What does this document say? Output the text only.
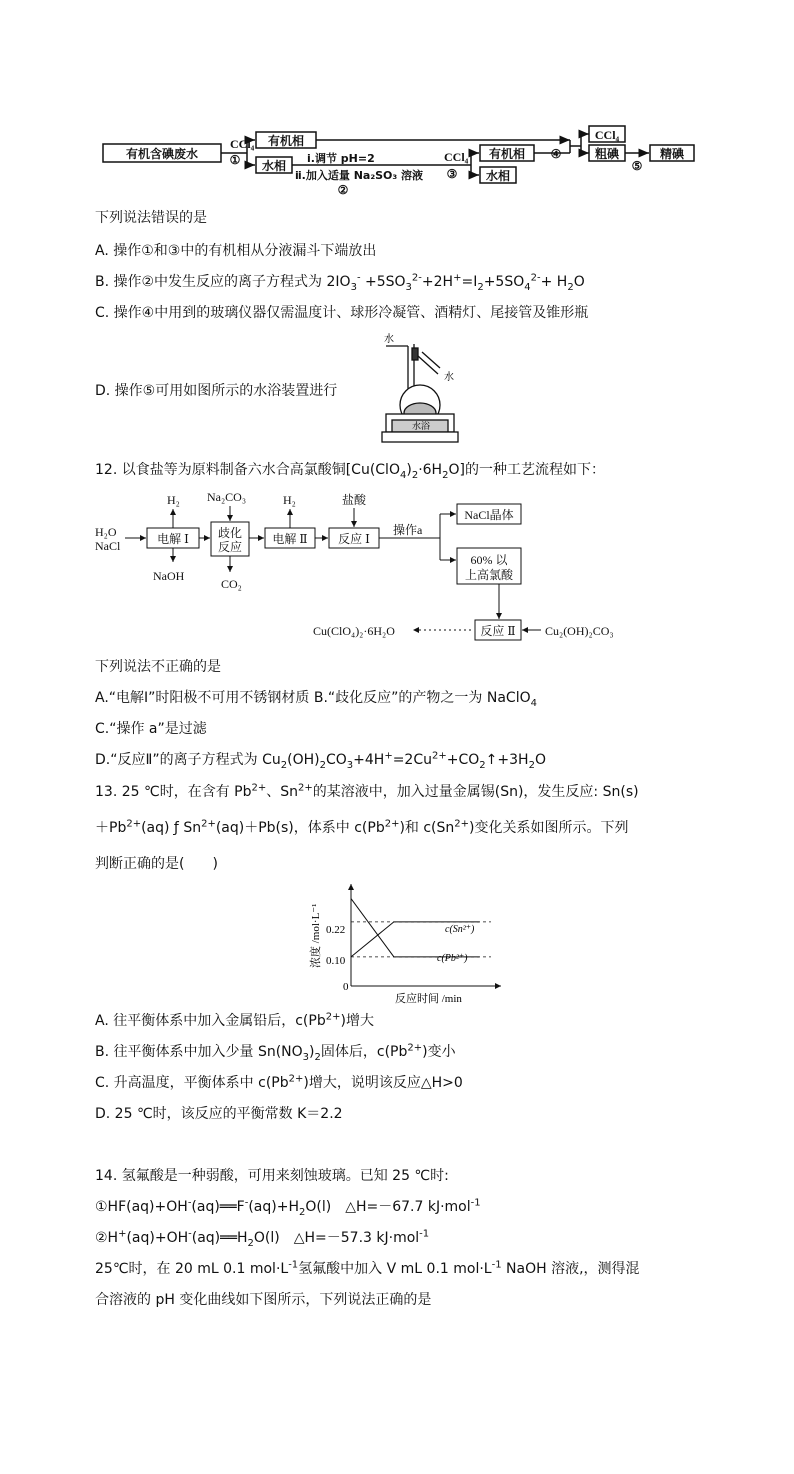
有机含碘废水
CCl₄
①
有机相
水相
ⅰ.调节 pH=2
ⅱ.加入适量 Na₂SO₃ 溶液
②
CCl₄
③
有机相
水相
④
CCl₄
粗碘
⑤
精碘
下列说法错误的是
A. 操作①和③中的有机相从分液漏斗下端放出
B. 操作②中发生反应的离子方程式为 $2IO_3^- +5SO_3^{2-}+2H^+=I_2+5SO_4^{2-}+ H_2O$
C. 操作④中用到的玻璃仪器仅需温度计、球形冷凝管、酒精灯、尾接管及锥形瓶
D. 操作⑤可用如图所示的水浴装置进行
水
水
水浴
12. 以食盐等为原料制备六水合高氯酸铜$[Cu(ClO_4)_2\cdot 6H_2O]$的一种工艺流程如下：
H₂O
NaCl
H₂
NaOH
电解 Ⅰ
Na₂CO₃
歧化
反应
CO₂
H₂
电解 Ⅱ
盐酸
反应 Ⅰ
操作a
NaCl晶体
60% 以
上高氯酸
反应 Ⅱ Cu₂(OH)₂CO₃
Cu(ClO₄)₂·6H₂O
下列说法不正确的是
A.“电解Ⅰ”时阳极不可用不锈钢材质 B.“歧化反应”的产物之一为 NaClO$_4$
C.“操作 a”是过滤
D.“反应Ⅱ”的离子方程式为 $Cu_2(OH)_2CO_3+4H^+=2Cu^{2+}+CO_2↑+3H_2O$
13. 25 ℃时，在含有 $Pb^{2+}$、$Sn^{2+}$的某溶液中，加入过量金属锡(Sn)，发生反应: Sn(s)
$+Pb^{2+}(aq)$ ƒ $Sn^{2+}(aq)+Pb(s)$，体系中 $c(Pb^{2+})$和 $c(Sn^{2+})$变化关系如图所示。下列
判断正确的是(　　)
0
0.10
0.22	c(Sn²⁺)
c(Pb²⁺)
反应时间 /min
浓度 /mol·L⁻¹
A. 往平衡体系中加入金属铅后，$c(Pb^{2+})$增大
B. 往平衡体系中加入少量 $Sn(NO_3)_2$固体后，$c(Pb^{2+})$变小
C. 升高温度，平衡体系中 $c(Pb^{2+})$增大，说明该反应△H>0
D. 25 ℃时，该反应的平衡常数 K＝2.2
14. 氢氟酸是一种弱酸，可用来刻蚀玻璃。已知 25 ℃时:
$①HF(aq)+OH^-(aq)══F^-(aq)+H_2O(l)$　△H=－67.7 kJ·mol$^{-1}$
$②H^+(aq)+OH^-(aq)══H_2O(l)$　△H=－57.3 kJ·mol$^{-1}$
25℃时，在 20 mL 0.1 $mol\cdot L^{-1}$氢氟酸中加入 V mL 0.1 $mol\cdot L^{-1}$ NaOH 溶液,，测得混
合溶液的 pH 变化曲线如下图所示，下列说法正确的是
